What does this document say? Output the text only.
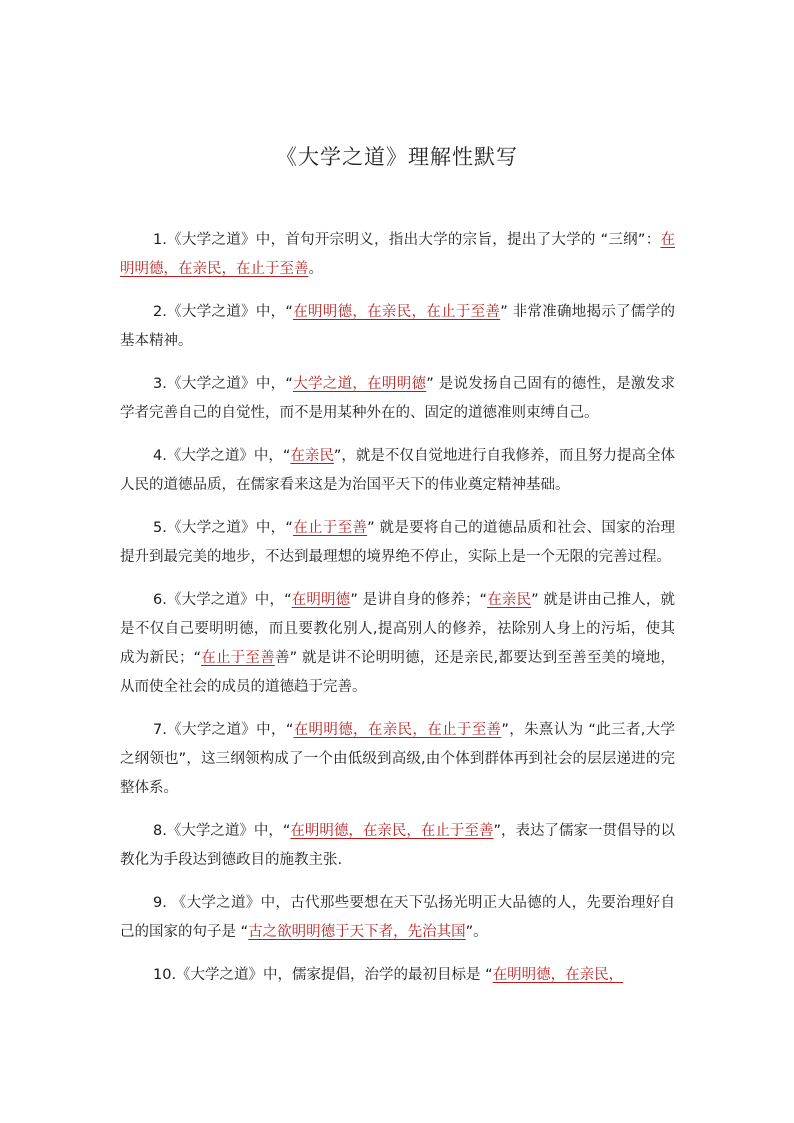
《大学之道》理解性默写

1.《大学之道》中，首句开宗明义，指出大学的宗旨，提出了大学的 “三纲”：在明明德，在亲民，在止于至善。

2.《大学之道》中，“在明明德，在亲民，在止于至善” 非常准确地揭示了儒学的基本精神。

3.《大学之道》中，“大学之道，在明明德” 是说发扬自己固有的德性，是激发求学者完善自己的自觉性，而不是用某种外在的、固定的道德准则束缚自己。

4.《大学之道》中，“在亲民”，就是不仅自觉地进行自我修养，而且努力提高全体人民的道德品质，在儒家看来这是为治国平天下的伟业奠定精神基础。

5.《大学之道》中，“在止于至善” 就是要将自己的道德品质和社会、国家的治理提升到最完美的地步，不达到最理想的境界绝不停止，实际上是一个无限的完善过程。

6.《大学之道》中，“在明明德” 是讲自身的修养；“在亲民” 就是讲由己推人，就是不仅自己要明明德，而且要教化别人,提高别人的修养，祛除别人身上的污垢，使其成为新民；“在止于至善善” 就是讲不论明明德，还是亲民,都要达到至善至美的境地，从而使全社会的成员的道德趋于完善。

7.《大学之道》中，“在明明德，在亲民，在止于至善”，朱熹认为 “此三者,大学之纲领也”，这三纲领构成了一个由低级到高级,由个体到群体再到社会的层层递进的完整体系。

8.《大学之道》中，“在明明德，在亲民，在止于至善”，表达了儒家一贯倡导的以教化为手段达到德政目的施教主张.

9. 《大学之道》中，古代那些要想在天下弘扬光明正大品德的人，先要治理好自己的国家的句子是 “古之欲明明德于天下者，先治其国”。

10.《大学之道》中，儒家提倡，治学的最初目标是 “在明明德，在亲民，
